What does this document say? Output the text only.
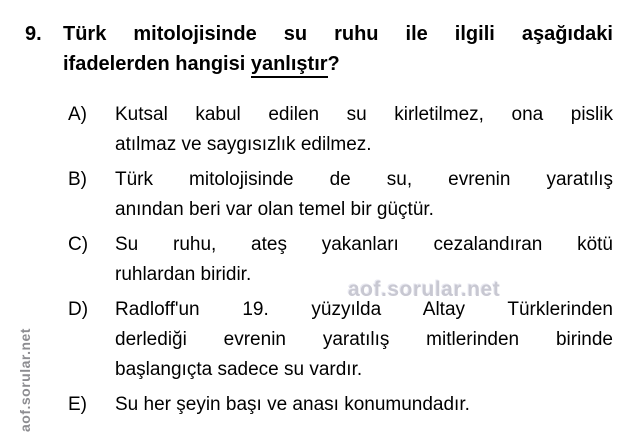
aof.sorular.net
aof.sorular.net
9.	Türk mitolojisinde su ruhu ile ilgili aşağıdaki
ifadelerden hangisi yanlıştır?
A)	Kutsal kabul edilen su kirletilmez, ona pislik
atılmaz ve saygısızlık edilmez.
B)	Türk mitolojisinde de su, evrenin yaratılış
anından beri var olan temel bir güçtür.
C)	Su ruhu, ateş yakanları cezalandıran kötü
ruhlardan biridir.
D)	Radloff'un 19. yüzyılda Altay Türklerinden
derlediği evrenin yaratılış mitlerinden birinde
başlangıçta sadece su vardır.
E)	Su her şeyin başı ve anası konumundadır.
